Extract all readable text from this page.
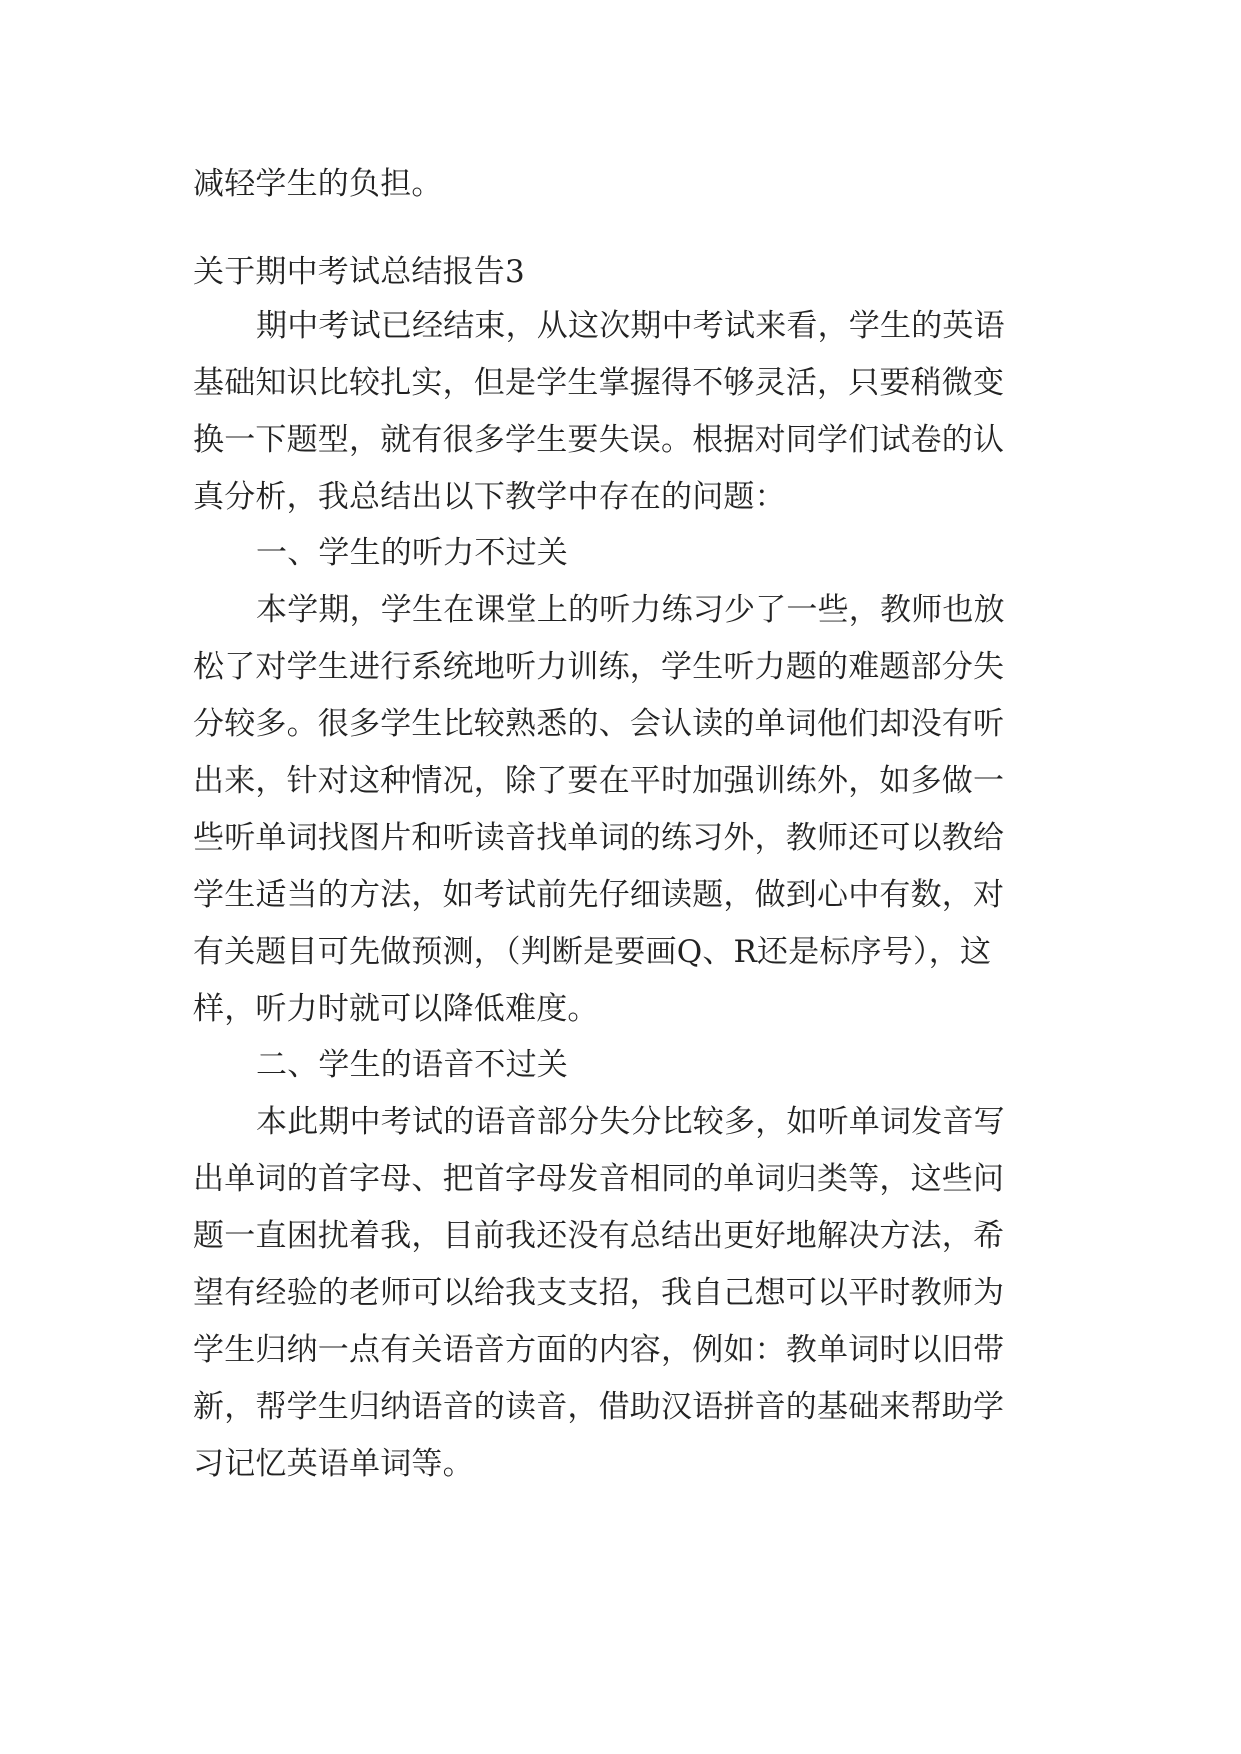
减轻学生的负担。
关于期中考试总结报告3
期中考试已经结束，从这次期中考试来看，学生的英语
基础知识比较扎实，但是学生掌握得不够灵活，只要稍微变
换一下题型，就有很多学生要失误。根据对同学们试卷的认
真分析，我总结出以下教学中存在的问题：
一、学生的听力不过关
本学期，学生在课堂上的听力练习少了一些，教师也放
松了对学生进行系统地听力训练，学生听力题的难题部分失
分较多。很多学生比较熟悉的、会认读的单词他们却没有听
出来，针对这种情况，除了要在平时加强训练外，如多做一
些听单词找图片和听读音找单词的练习外，教师还可以教给
学生适当的方法，如考试前先仔细读题，做到心中有数，对
有关题目可先做预测，（判断是要画Q、R还是标序号），这
样，听力时就可以降低难度。
二、学生的语音不过关
本此期中考试的语音部分失分比较多，如听单词发音写
出单词的首字母、把首字母发音相同的单词归类等，这些问
题一直困扰着我，目前我还没有总结出更好地解决方法，希
望有经验的老师可以给我支支招，我自己想可以平时教师为
学生归纳一点有关语音方面的内容，例如：教单词时以旧带
新，帮学生归纳语音的读音，借助汉语拼音的基础来帮助学
习记忆英语单词等。
